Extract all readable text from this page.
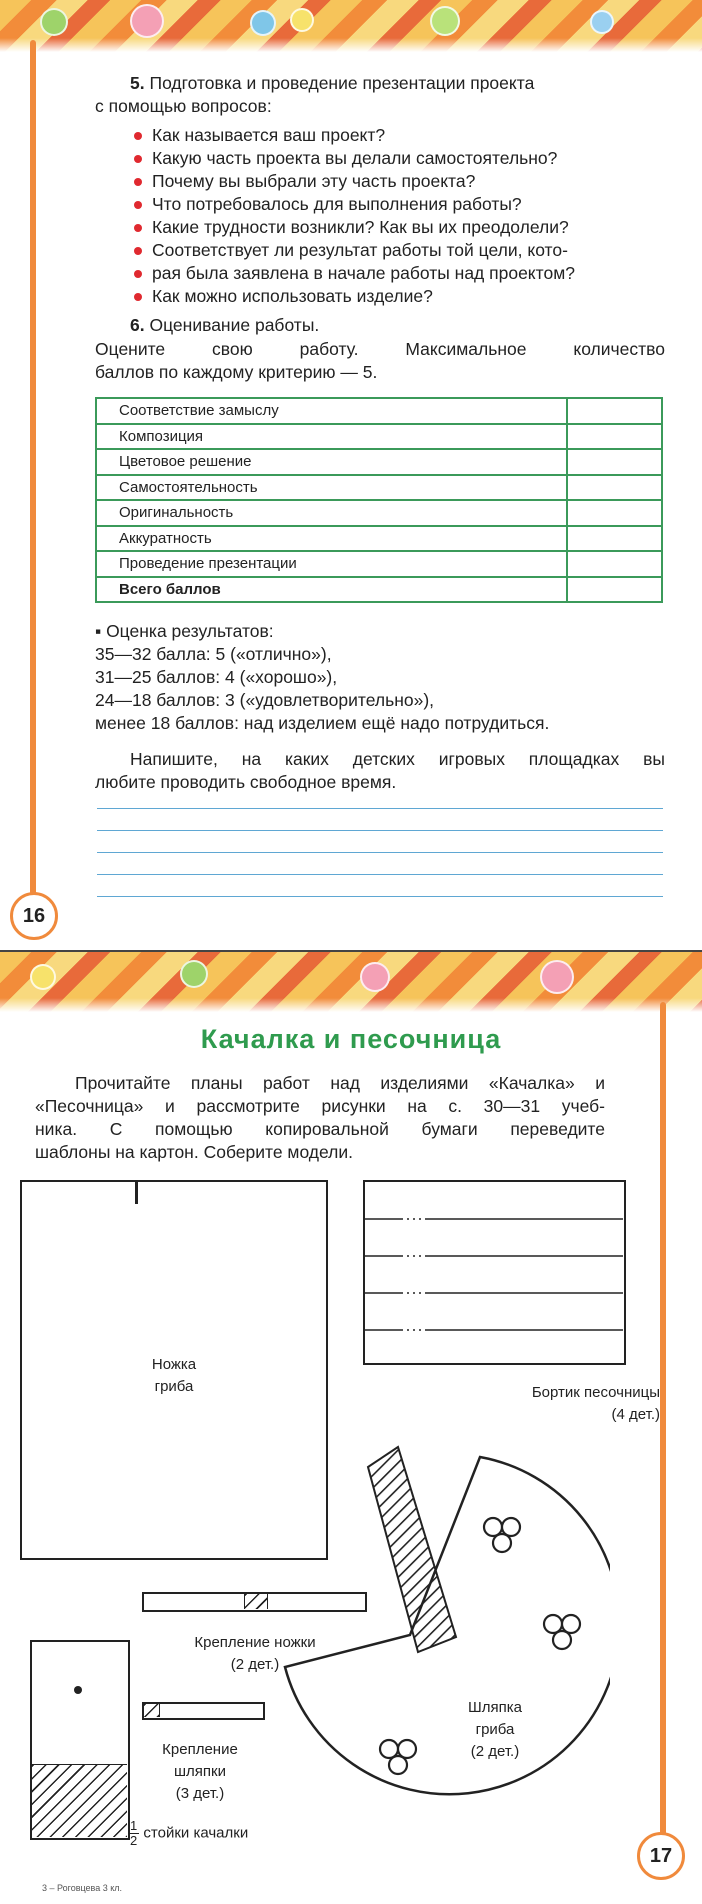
5. Подготовка и проведение презентации проекта
с помощью вопросов:
Как называется ваш проект?
Какую часть проекта вы делали самостоятельно?
Почему вы выбрали эту часть проекта?
Что потребовалось для выполнения работы?
Какие трудности возникли? Как вы их преодолели?
Соответствует ли результат работы той цели, кото-
рая была заявлена в начале работы над проектом?
Как можно использовать изделие?
6. Оценивание работы.
Оцените свою работу. Максимальное количество
баллов по каждому критерию — 5.
Соответствие замыслу	
Композиция	
Цветовое решение	
Самостоятельность	
Оригинальность	
Аккуратность	
Проведение презентации	
Всего баллов	
▪ Оценка результатов:
35—32 балла: 5 («отлично»),
31—25 баллов: 4 («хорошо»),
24—18 баллов: 3 («удовлетворительно»),
менее 18 баллов: над изделием ещё надо потрудиться.
Напишите, на каких детских игровых площадках вы
любите проводить свободное время.
16
Качалка и песочница
Прочитайте планы работ над изделиями «Качалка» и
«Песочница» и рассмотрите рисунки на с. 30—31 учеб-
ника. С помощью копировальной бумаги переведите
шаблоны на картон. Соберите модели.
Ножка
гриба	Бортик песочницы
(4 дет.)
Шляпка
гриба
(2 дет.)
Крепление ножки
(2 дет.)
Крепление
шляпки
(3 дет.)
$\frac{1}{2}$ стойки качалки
3 – Роговцева 3 кл.
17
